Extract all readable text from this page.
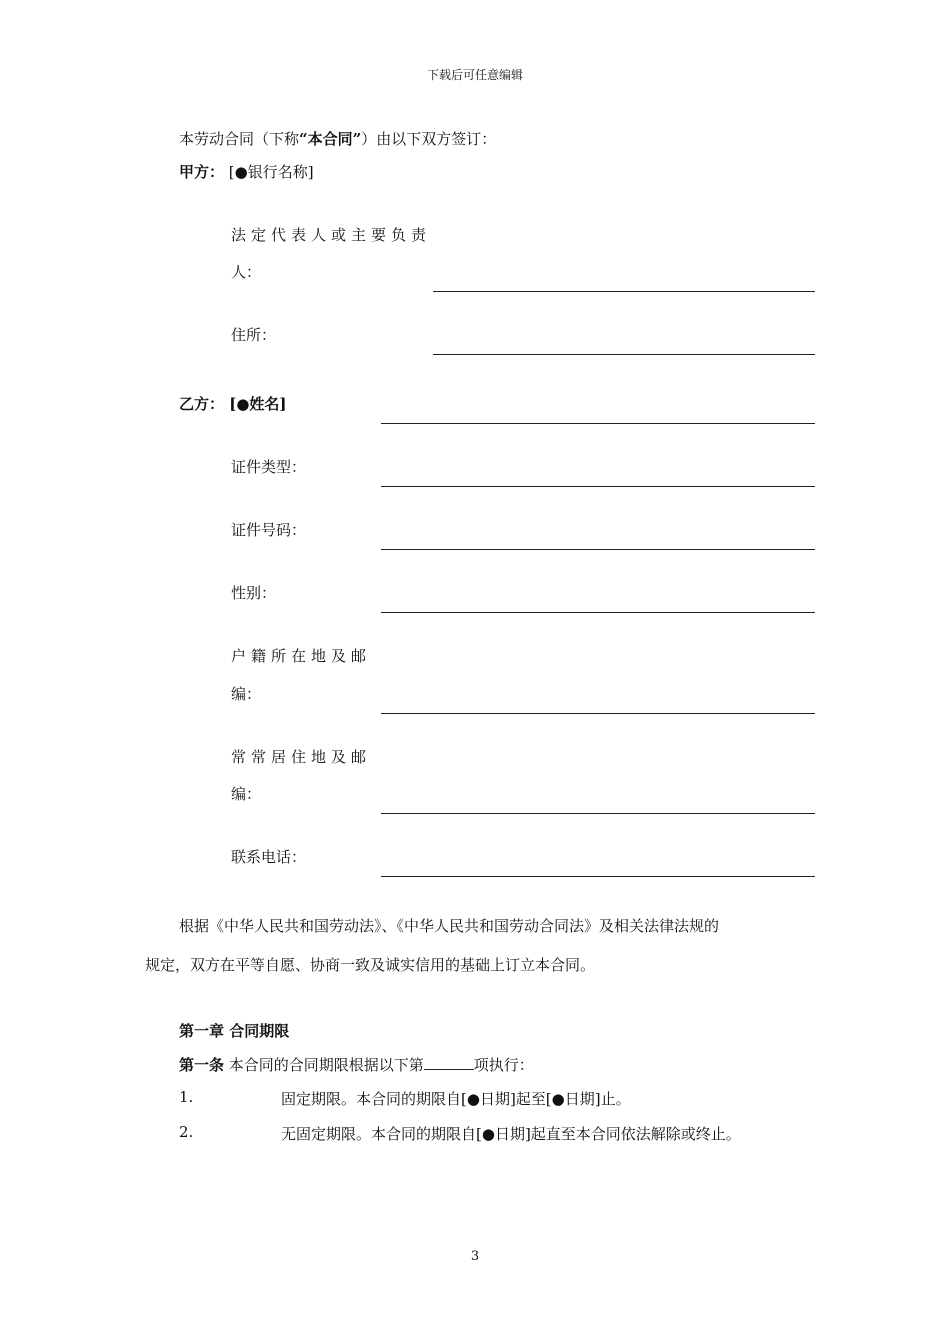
下载后可任意编辑
本劳动合同（下称“本合同”）由以下双方签订：
甲方： [●银行名称]
法定代表人或主要负责
人：
住所：
乙方： [●姓名]
证件类型：
证件号码：
性别：
户籍所在地及邮
编：
常常居住地及邮
编：
联系电话：
根据《中华人民共和国劳动法》、《中华人民共和国劳动合同法》及相关法律法规的
规定，双方在平等自愿、协商一致及诚实信用的基础上订立本合同。
第一章 合同期限
第一条 本合同的合同期限根据以下第	项执行：
1.	固定期限。本合同的期限自[●日期]起至[●日期]止。
2.	无固定期限。本合同的期限自[●日期]起直至本合同依法解除或终止。
3
